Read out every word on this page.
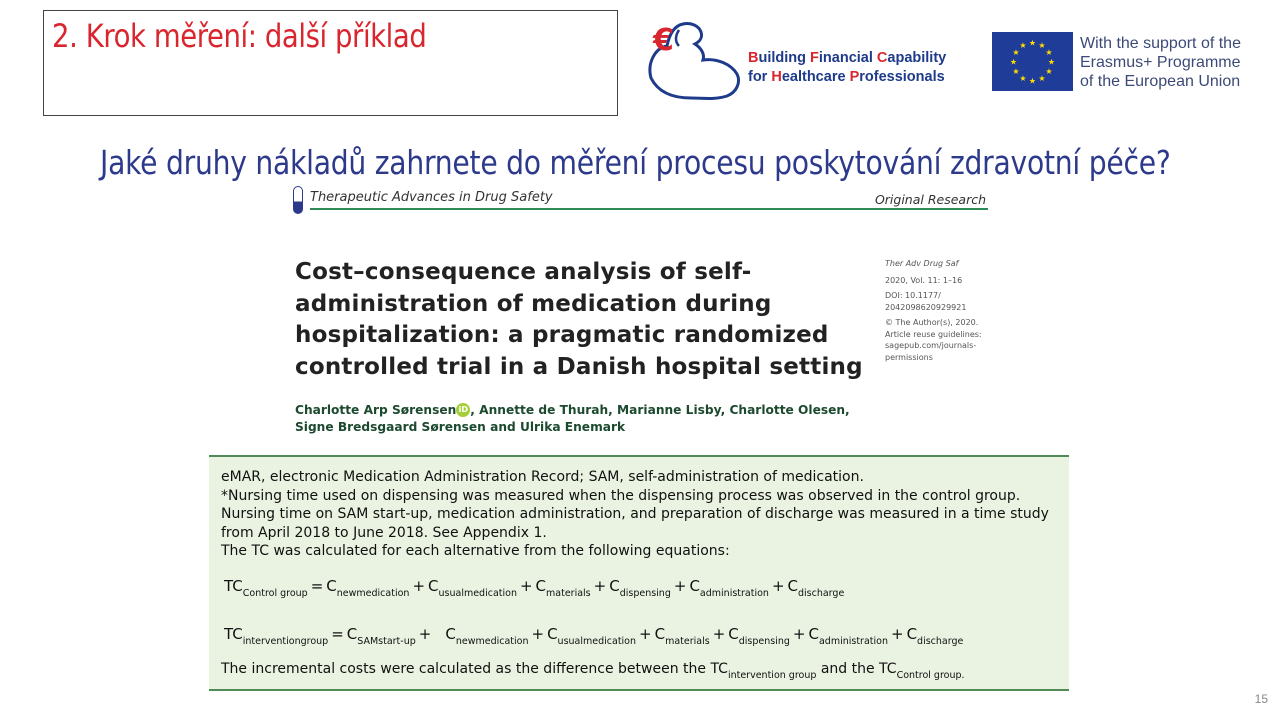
2. Krok měření: další příklad	€	Building Financial Capability
for Healthcare Professionals
★ ★
★
★
★
★
★
★
★
★
★
★	With the support of the
Erasmus+ Programme
of the European Union
Jaké druhy nákladů zahrnete do měření procesu poskytování zdravotní péče?
Therapeutic Advances in Drug Safety	Original Research
Cost–consequence analysis of self-
administration of medication during
hospitalization: a pragmatic randomized
controlled trial in a Danish hospital setting
Ther Adv Drug Saf
2020, Vol. 11: 1–16
DOI: 10.1177/
2042098620929921
© The Author(s), 2020.
Article reuse guidelines:
sagepub.com/journals-
permissions
Charlotte Arp Sørensen iD , Annette de Thurah, Marianne Lisby, Charlotte Olesen,
Signe Bredsgaard Sørensen and Ulrika Enemark
eMAR, electronic Medication Administration Record; SAM, self-administration of medication.
*Nursing time used on dispensing was measured when the dispensing process was observed in the control group. Nursing time on SAM start-up, medication administration, and preparation of discharge was measured in a time study from April 2018 to June 2018. See Appendix 1.
The TC was calculated for each alternative from the following equations:
$TC_{Control group} = C_{newmedication} + C_{usualmedication} + C_{materials} + C_{dispensing} + C_{administration} + C_{discharge}$
$TC_{interventiongroup} = C_{SAMstart-up} + C_{newmedication} + C_{usualmedication} + C_{materials} + C_{dispensing} + C_{administration} + C_{discharge}$
The incremental costs were calculated as the difference between the $TC_{intervention group}$ and the $TC_{Control group.}$
15
